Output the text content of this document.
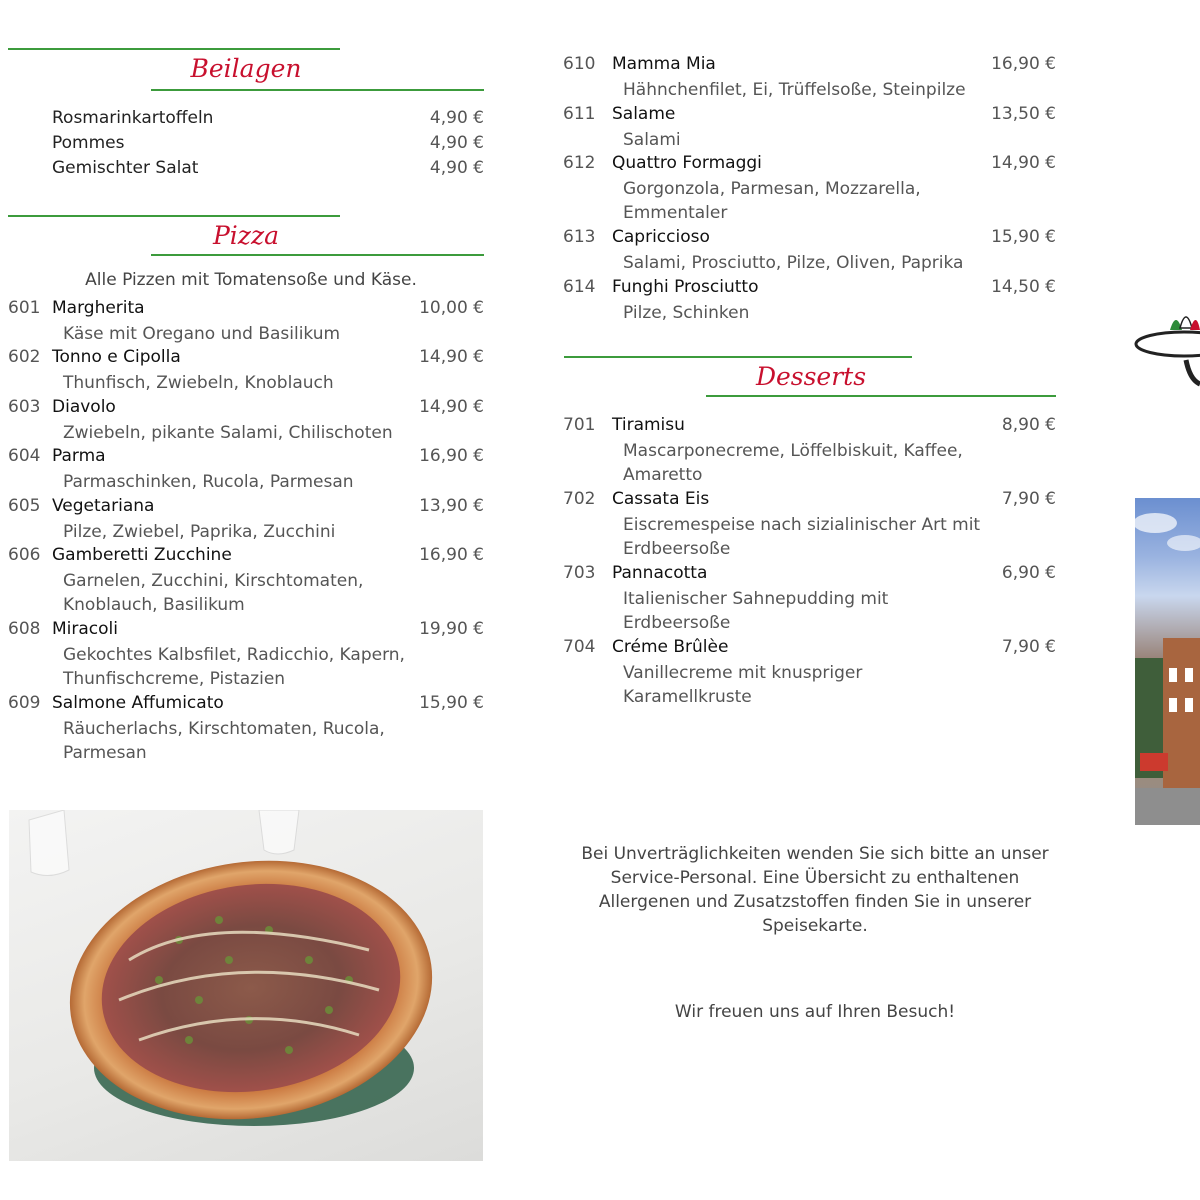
Beilagen
Rosmarinkartoffeln	4,90 €
Pommes	4,90 €
Gemischter Salat	4,90 €
Pizza
Alle Pizzen mit Tomatensoße und Käse.
601 Margherita	10,00 €
Käse mit Oregano und Basilikum
602 Tonno e Cipolla	14,90 €
Thunfisch, Zwiebeln, Knoblauch
603 Diavolo	14,90 €
Zwiebeln, pikante Salami, Chilischoten
604 Parma	16,90 €
Parmaschinken, Rucola, Parmesan
605 Vegetariana	13,90 €
Pilze, Zwiebel, Paprika, Zucchini
606 Gamberetti Zucchine	16,90 €
Garnelen, Zucchini, Kirschtomaten, Knoblauch, Basilikum
608 Miracoli	19,90 €
Gekochtes Kalbsfilet, Radicchio, Kapern, Thunfischcreme, Pistazien
609 Salmone Affumicato	15,90 €
Räucherlachs, Kirschtomaten, Rucola, Parmesan
Desserts
701 Tiramisu	8,90 €
Mascarponecreme, Löffelbiskuit, Kaffee, Amaretto
702 Cassata Eis	7,90 €
Eiscremespeise nach sizialinischer Art mit Erdbeersoße
703 Pannacotta	6,90 €
Italienischer Sahnepudding mit Erdbeersoße
704 Créme Brûlèe	7,90 €
Vanillecreme mit knuspriger Karamellkruste
Bei Unverträglichkeiten wenden Sie sich bitte an unser Service-Personal. Eine Übersicht zu enthaltenen Allergenen und Zusatzstoffen finden Sie in unserer Speisekarte.
Wir freuen uns auf Ihren Besuch!
610 Mamma Mia	16,90 €
Hähnchenfilet, Ei, Trüffelsoße, Steinpilze
611 Salame	13,50 €
Salami
612 Quattro Formaggi	14,90 €
Gorgonzola, Parmesan, Mozzarella, Emmentaler
613 Capriccioso	15,90 €
Salami, Prosciutto, Pilze, Oliven, Paprika
614 Funghi Prosciutto	14,50 €
Pilze, Schinken
